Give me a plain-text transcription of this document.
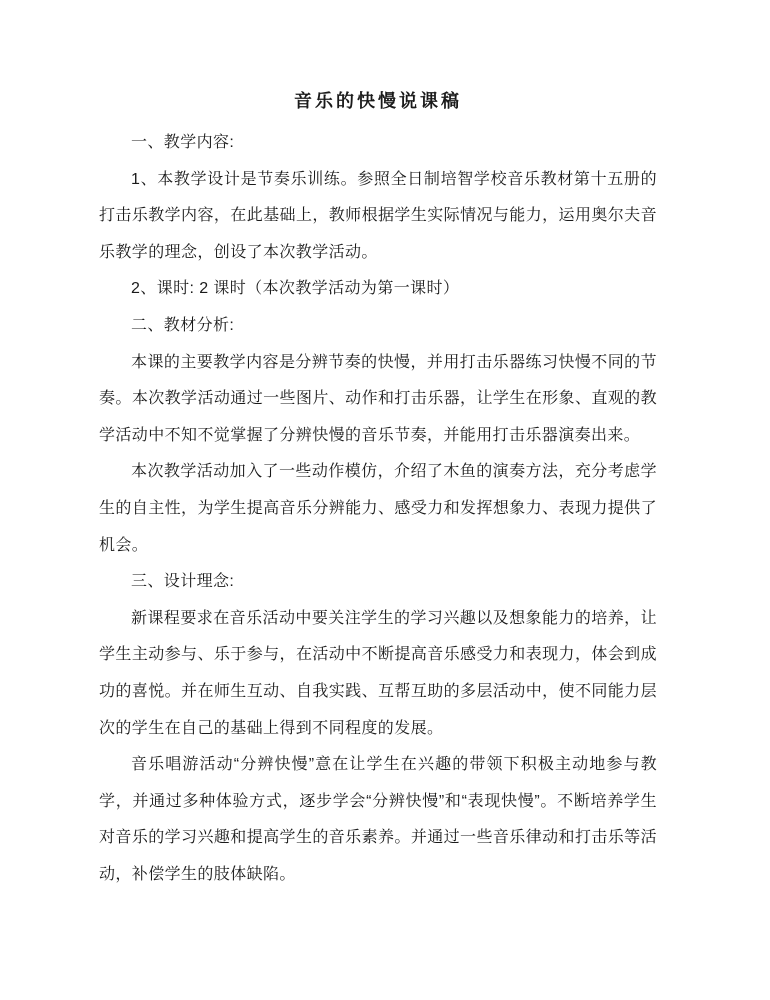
音乐的快慢说课稿

一、教学内容:

1、本教学设计是节奏乐训练。参照全日制培智学校音乐教材第十五册的打击乐教学内容，在此基础上，教师根据学生实际情况与能力，运用奥尔夫音乐教学的理念，创设了本次教学活动。

2、课时: 2 课时（本次教学活动为第一课时）

二、教材分析:

本课的主要教学内容是分辨节奏的快慢，并用打击乐器练习快慢不同的节奏。本次教学活动通过一些图片、动作和打击乐器，让学生在形象、直观的教学活动中不知不觉掌握了分辨快慢的音乐节奏，并能用打击乐器演奏出来。

本次教学活动加入了一些动作模仿，介绍了木鱼的演奏方法，充分考虑学生的自主性，为学生提高音乐分辨能力、感受力和发挥想象力、表现力提供了机会。

三、设计理念:

新课程要求在音乐活动中要关注学生的学习兴趣以及想象能力的培养，让学生主动参与、乐于参与，在活动中不断提高音乐感受力和表现力，体会到成功的喜悦。并在师生互动、自我实践、互帮互助的多层活动中，使不同能力层次的学生在自己的基础上得到不同程度的发展。

音乐唱游活动“分辨快慢”意在让学生在兴趣的带领下积极主动地参与教学，并通过多种体验方式，逐步学会“分辨快慢”和“表现快慢”。不断培养学生对音乐的学习兴趣和提高学生的音乐素养。并通过一些音乐律动和打击乐等活动，补偿学生的肢体缺陷。
